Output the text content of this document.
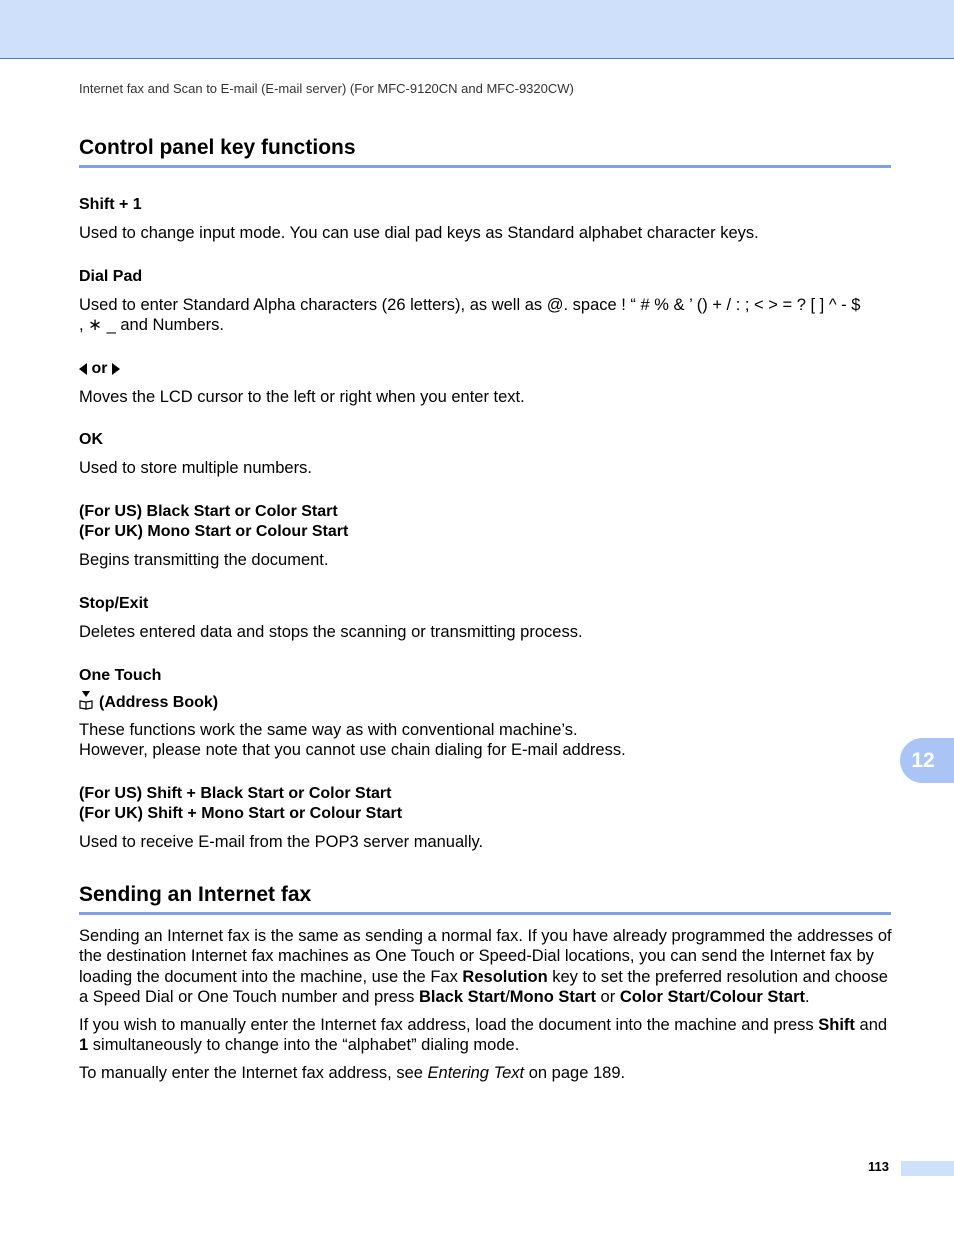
Internet fax and Scan to E-mail (E-mail server) (For MFC-9120CN and MFC-9320CW)
Control panel key functions
Shift + 1
Used to change input mode. You can use dial pad keys as Standard alphabet character keys.
Dial Pad
Used to enter Standard Alpha characters (26 letters), as well as @. space ! “ # % & ’ () + / : ; < > = ? [ ] ^ - $
, ∗ _ and Numbers.
or
Moves the LCD cursor to the left or right when you enter text.
OK
Used to store multiple numbers.
(For US) Black Start or Color Start
(For UK) Mono Start or Colour Start
Begins transmitting the document.
Stop/Exit
Deletes entered data and stops the scanning or transmitting process.
One Touch
(Address Book)
These functions work the same way as with conventional machine’s.
However, please note that you cannot use chain dialing for E-mail address.
(For US) Shift + Black Start or Color Start
(For UK) Shift + Mono Start or Colour Start
Used to receive E-mail from the POP3 server manually.
Sending an Internet fax
Sending an Internet fax is the same as sending a normal fax. If you have already programmed the addresses of the destination Internet fax machines as One Touch or Speed-Dial locations, you can send the Internet fax by loading the document into the machine, use the Fax Resolution key to set the preferred resolution and choose a Speed Dial or One Touch number and press Black Start/Mono Start or Color Start/Colour Start.
If you wish to manually enter the Internet fax address, load the document into the machine and press Shift and 1 simultaneously to change into the “alphabet” dialing mode.
To manually enter the Internet fax address, see Entering Text on page 189.
12
113
